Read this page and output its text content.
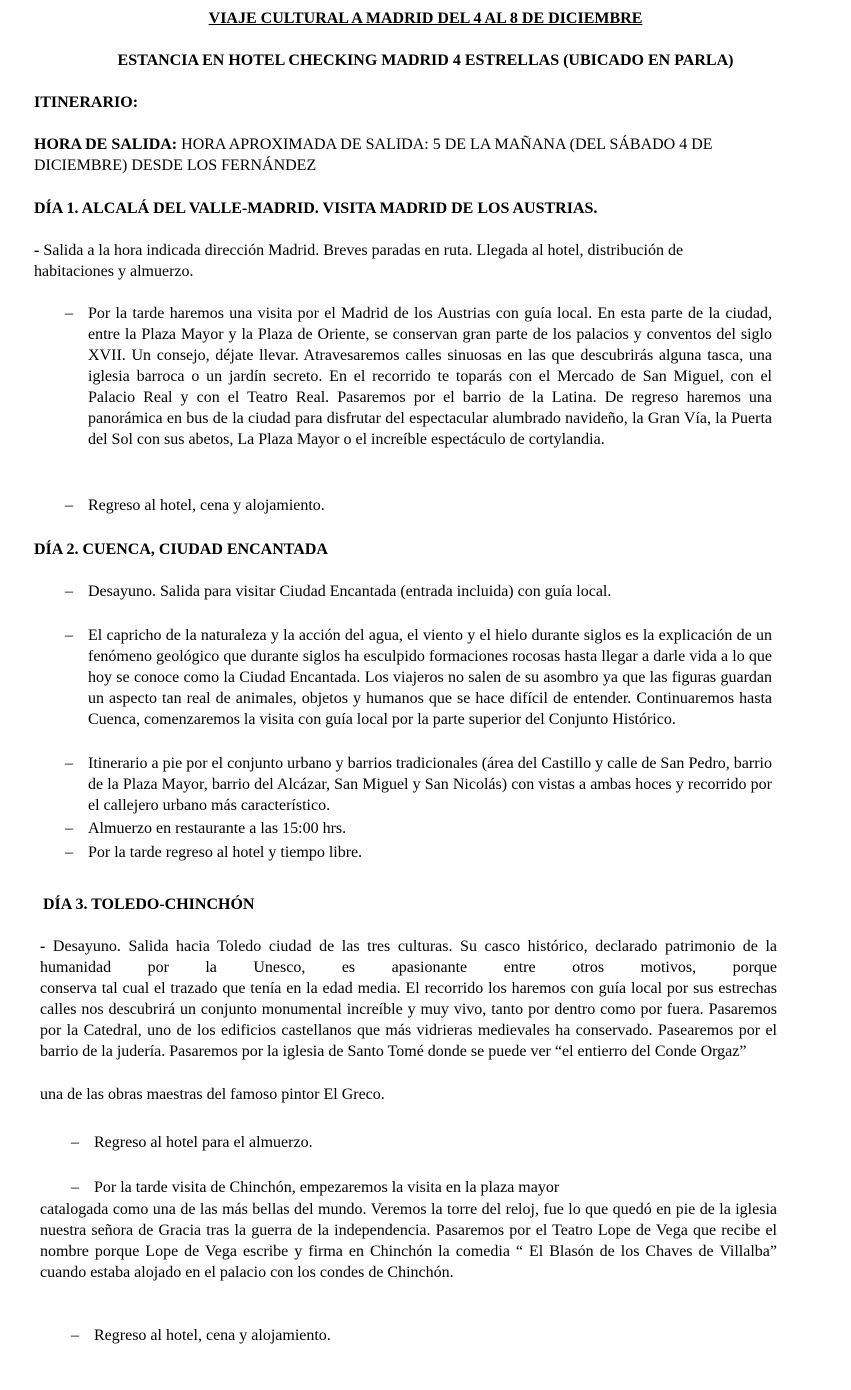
VIAJE CULTURAL A MADRID DEL 4 AL 8 DE DICIEMBRE
ESTANCIA EN HOTEL CHECKING MADRID 4 ESTRELLAS (UBICADO EN PARLA)
ITINERARIO:
HORA DE SALIDA: HORA APROXIMADA DE SALIDA: 5 DE LA MAÑANA (DEL SÁBADO 4 DE DICIEMBRE) DESDE LOS FERNÁNDEZ
DÍA 1. ALCALÁ DEL VALLE-MADRID. VISITA MADRID DE LOS AUSTRIAS.
- Salida a la hora indicada dirección Madrid. Breves paradas en ruta. Llegada al hotel, distribución de habitaciones y almuerzo.
– Por la tarde haremos una visita por el Madrid de los Austrias con guía local. En esta parte de la ciudad, entre la Plaza Mayor y la Plaza de Oriente, se conservan gran parte de los palacios y conventos del siglo XVII. Un consejo, déjate llevar. Atravesaremos calles sinuosas en las que descubrirás alguna tasca, una iglesia barroca o un jardín secreto. En el recorrido te toparás con el Mercado de San Miguel, con el Palacio Real y con el Teatro Real. Pasaremos por el barrio de la Latina. De regreso haremos una panorámica en bus de la ciudad para disfrutar del espectacular alumbrado navideño, la Gran Vía, la Puerta del Sol con sus abetos, La Plaza Mayor o el increíble espectáculo de cortylandia.
– Regreso al hotel, cena y alojamiento.
DÍA 2. CUENCA, CIUDAD ENCANTADA
– Desayuno. Salida para visitar Ciudad Encantada (entrada incluida) con guía local.
– El capricho de la naturaleza y la acción del agua, el viento y el hielo durante siglos es la explicación de un fenómeno geológico que durante siglos ha esculpido formaciones rocosas hasta llegar a darle vida a lo que hoy se conoce como la Ciudad Encantada. Los viajeros no salen de su asombro ya que las figuras guardan un aspecto tan real de animales, objetos y humanos que se hace difícil de entender. Continuaremos hasta Cuenca, comenzaremos la visita con guía local por la parte superior del Conjunto Histórico.
– Itinerario a pie por el conjunto urbano y barrios tradicionales (área del Castillo y calle de San Pedro, barrio de la Plaza Mayor, barrio del Alcázar, San Miguel y San Nicolás) con vistas a ambas hoces y recorrido por el callejero urbano más característico.
– Almuerzo en restaurante a las 15:00 hrs.
– Por la tarde regreso al hotel y tiempo libre.
DÍA 3. TOLEDO-CHINCHÓN
- Desayuno. Salida hacia Toledo ciudad de las tres culturas. Su casco histórico, declarado patrimonio de la humanidad por la Unesco, es apasionante entre otros motivos, porque
conserva tal cual el trazado que tenía en la edad media. El recorrido los haremos con guía local por sus estrechas calles nos descubrirá un conjunto monumental increíble y muy vivo, tanto por dentro como por fuera. Pasaremos por la Catedral, uno de los edificios castellanos que más vidrieras medievales ha conservado. Pasearemos por el barrio de la judería. Pasaremos por la iglesia de Santo Tomé donde se puede ver “el entierro del Conde Orgaz”
una de las obras maestras del famoso pintor El Greco.
– Regreso al hotel para el almuerzo.
– Por la tarde visita de Chinchón, empezaremos la visita en la plaza mayor
catalogada como una de las más bellas del mundo. Veremos la torre del reloj, fue lo que quedó en pie de la iglesia nuestra señora de Gracia tras la guerra de la independencia. Pasaremos por el Teatro Lope de Vega que recibe el nombre porque Lope de Vega escribe y firma en Chinchón la comedia “ El Blasón de los Chaves de Villalba” cuando estaba alojado en el palacio con los condes de Chinchón.
– Regreso al hotel, cena y alojamiento.
